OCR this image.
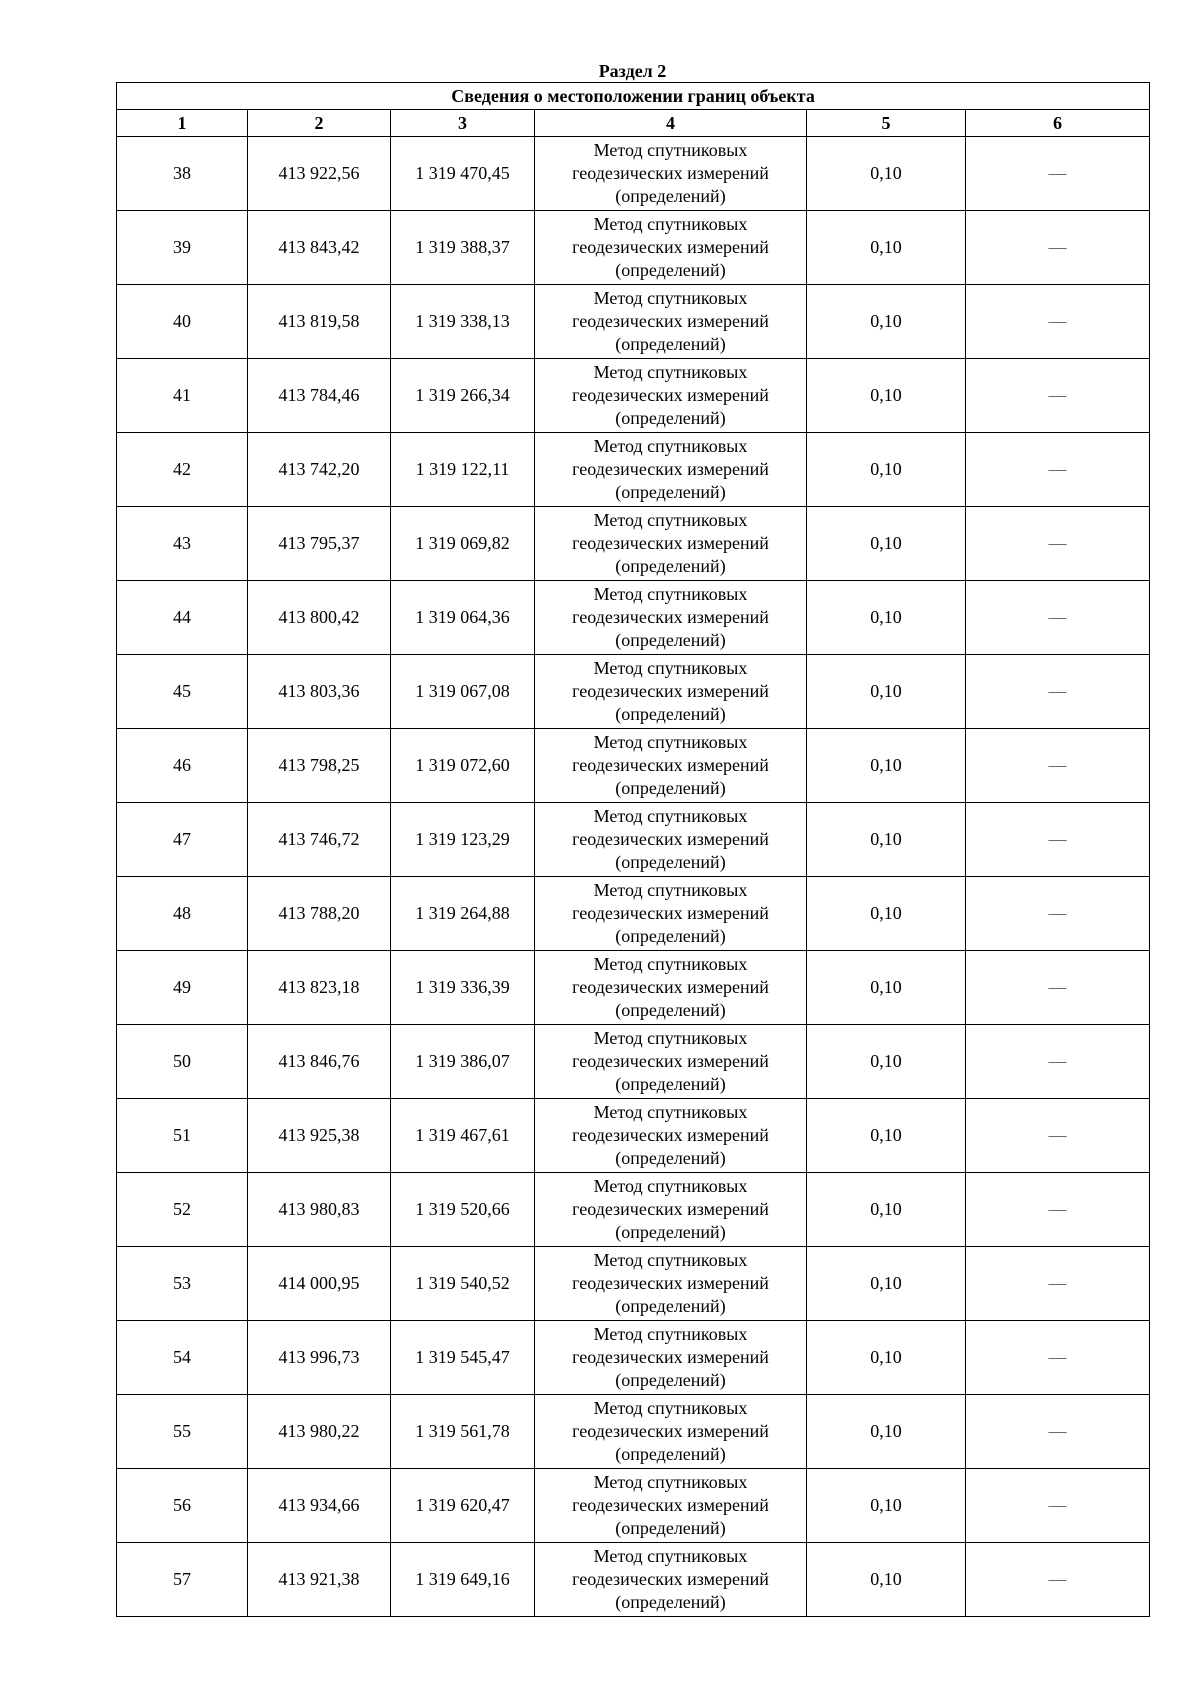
Раздел 2
Сведения о местоположении границ объекта					
1	2	3	4	5	6
38	413 922,56	1 319 470,45	Метод спутниковых
геодезических измерений
(определений)	0,10	—
39	413 843,42	1 319 388,37	Метод спутниковых
геодезических измерений
(определений)	0,10	—
40	413 819,58	1 319 338,13	Метод спутниковых
геодезических измерений
(определений)	0,10	—
41	413 784,46	1 319 266,34	Метод спутниковых
геодезических измерений
(определений)	0,10	—
42	413 742,20	1 319 122,11	Метод спутниковых
геодезических измерений
(определений)	0,10	—
43	413 795,37	1 319 069,82	Метод спутниковых
геодезических измерений
(определений)	0,10	—
44	413 800,42	1 319 064,36	Метод спутниковых
геодезических измерений
(определений)	0,10	—
45	413 803,36	1 319 067,08	Метод спутниковых
геодезических измерений
(определений)	0,10	—
46	413 798,25	1 319 072,60	Метод спутниковых
геодезических измерений
(определений)	0,10	—
47	413 746,72	1 319 123,29	Метод спутниковых
геодезических измерений
(определений)	0,10	—
48	413 788,20	1 319 264,88	Метод спутниковых
геодезических измерений
(определений)	0,10	—
49	413 823,18	1 319 336,39	Метод спутниковых
геодезических измерений
(определений)	0,10	—
50	413 846,76	1 319 386,07	Метод спутниковых
геодезических измерений
(определений)	0,10	—
51	413 925,38	1 319 467,61	Метод спутниковых
геодезических измерений
(определений)	0,10	—
52	413 980,83	1 319 520,66	Метод спутниковых
геодезических измерений
(определений)	0,10	—
53	414 000,95	1 319 540,52	Метод спутниковых
геодезических измерений
(определений)	0,10	—
54	413 996,73	1 319 545,47	Метод спутниковых
геодезических измерений
(определений)	0,10	—
55	413 980,22	1 319 561,78	Метод спутниковых
геодезических измерений
(определений)	0,10	—
56	413 934,66	1 319 620,47	Метод спутниковых
геодезических измерений
(определений)	0,10	—
57	413 921,38	1 319 649,16	Метод спутниковых
геодезических измерений
(определений)	0,10	—
